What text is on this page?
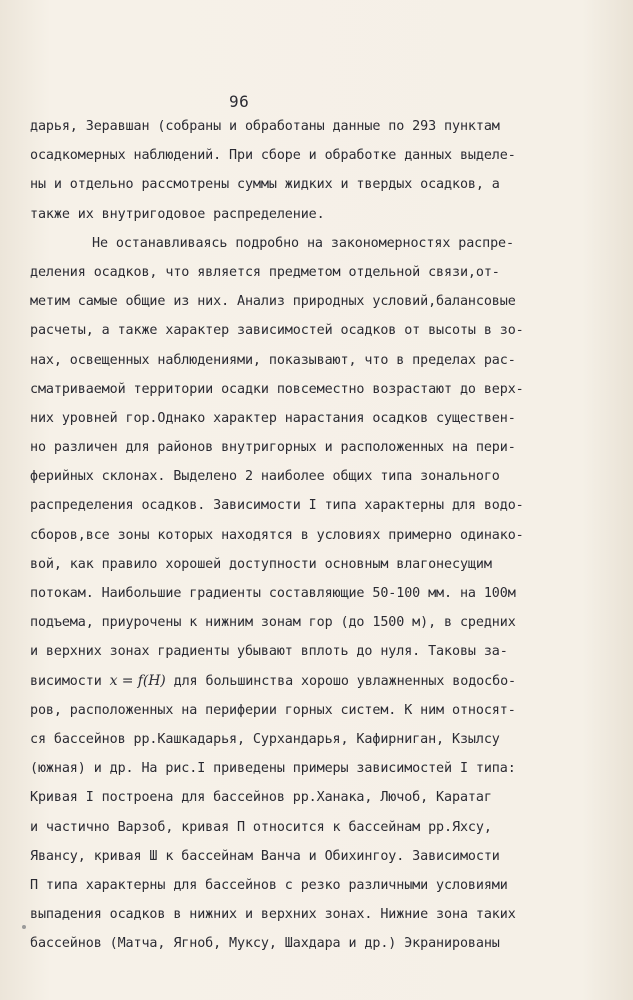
96
дарья, Зеравшан (собраны и обработаны данные по 293 пунктам
осадкомерных наблюдений. При сборе и обработке данных выделе-
ны и отдельно рассмотрены суммы жидких и твердых осадков, а
также их внутригодовое распределение.
Не останавливаясь подробно на закономерностях распре-
деления осадков, что является предметом отдельной связи,от-
метим самые общие из них. Анализ природных условий,балансовые
расчеты, а также характер зависимостей осадков от высоты в зо-
нах, освещенных наблюдениями, показывают, что в пределах рас-
сматриваемой территории осадки повсеместно возрастают до верх-
них уровней гор.Однако характер нарастания осадков существен-
но различен для районов внутригорных и расположенных на пери-
ферийных склонах. Выделено 2 наиболее общих типа зонального
распределения осадков. Зависимости I типа характерны для водо-
сборов,все зоны которых находятся в условиях примерно одинако-
вой, как правило хорошей доступности основным влагонесущим
потокам. Наибольшие градиенты составляющие 50-100 мм. на 100м
подъема, приурочены к нижним зонам гор (до 1500 м), в средних
и верхних зонах градиенты убывают вплоть до нуля. Таковы за-
висимости x = f(H) для большинства хорошо увлажненных водосбо-
ров, расположенных на периферии горных систем. К ним относят-
ся бассейнов рр.Кашкадарья, Сурхандарья, Кафирниган, Кзылсу
(южная) и др. На рис.I приведены примеры зависимостей I типа:
Кривая I построена для бассейнов рр.Ханака, Лючоб, Каратаг
и частично Варзоб, кривая П относится к бассейнам рр.Яхсу,
Явансу, кривая Ш к бассейнам Ванча и Обихингоу. Зависимости
П типа характерны для бассейнов с резко различными условиями
выпадения осадков в нижних и верхних зонах. Нижние зона таких
бассейнов (Матча, Ягноб, Муксу, Шахдара и др.) Экранированы
